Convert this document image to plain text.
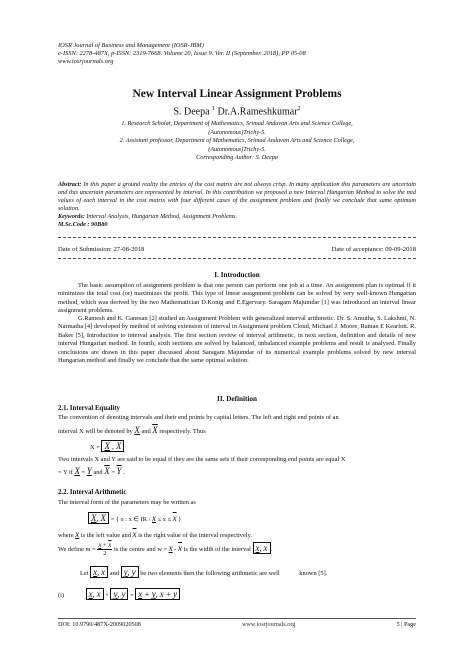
IOSR Journal of Business and Management (IOSR-JBM)
e-ISSN: 2278-487X, p-ISSN: 2319-7668. Volume 20, Issue 9. Ver. II (September. 2018), PP 05-08
www.iosrjournals.org
New Interval Linear Assignment Problems
S. Deepa $^1$ Dr.A.Rameshkumar$^2$
1. Research Scholar, Department of Mathematics, Srimad Andavan Arts and Science College,
(Autonomous)Trichy-5.
2. Assistant professor, Department of Mathematics, Srimad Andavan Arts and Science College,
(Autonomous)Trichy-5.
Corresponding Author: S. Deepa
Abstract: In this paper a ground reality the entries of the cost matrix are not always crisp. In many application this parameters are uncertain and this uncertain parameters are represented by interval. In this contribution we proposed a new Interval Hungarian Method to solve the mid values of each interval in the cost matrix with four different cases of the assignment problem and finally we conclude that same optimum solution.
Keywords: Interval Analysis, Hungarian Method, Assignment Problems.
M.Sc.Code : 90B80
Date of Submission: 27-08-2018	Date of acceptance: 09-09-2018
I. Introduction
The basic assumption of assignment problem is that one person can perform one job at a time. An assignment plan is optimal if it minimizes the total cost (or) maximizes the profit. This type of linear assignment problem can be solved by very well-known Hungarian method, which was derived by the two Mathematician D.Konig and E.Egervary. Saragam Majumdar [1] was introduced an interval linear assignment problems.
G.Ramesh and K. Ganesan [2] studied an Assignment Problem with generalized interval arithmetic. Dr. S. Amutha, S. Lakshmi, N. Narmatha [4] developed by method of solving extension of interval in Assignment problem Cloud, Michael J. Moore, Raman E Kearfott. R. Baker [5], Introduction to interval analysis. The first section review of interval arithmetic, in next section, definition and details of new interval Hungarian method. In fourth, sixth sections are solved by balanced, unbalanced example problems and result is analysed. Finally conclusions are drawn in this paper discussed about Saragam Majumdar of its numerical example problems solved by new interval Hungarian method and finally we conclude that the same optimal solution.
II. Definition
2.1. Interval Equality
The convention of denoting intervals and their end points by capital letters. The left and right end points of an
interval X will be denoted by X and $\overline{X}$ respectively. Thus
X = X , $\overline{X}$
Two intervals X and Y are said to be equal if they are the same sets if their corresponding end points are equal X
= Y if X = Y and $\overline{X} = \overline{Y}$ .
2.2. Interval Arithmetic
The interval form of the parameters may be written as
X, $\overline{X}$ = { x : x ∈ IR / $x \le x \le \overline{x}$ }
where x is the left value and $\overline{x}$ is the right value of the interval respectively.
We define $m = \frac{x + \overline{x}}{2}$ is the centre and $w = x - \overline{x}$ is the width of the interval x, $\overline{x}$ .
Let x, $\overline{x}$ and y, $\overline{y}$ be two elements then the following arithmetic are well	known [5].
(i)	x, $\overline{x} + y$, $\overline{y} = x + y$, $\overline{x} + \overline{y}$
DOI: 10.9790/487X-2009020508	www.iosrjournals.org	5 | Page
